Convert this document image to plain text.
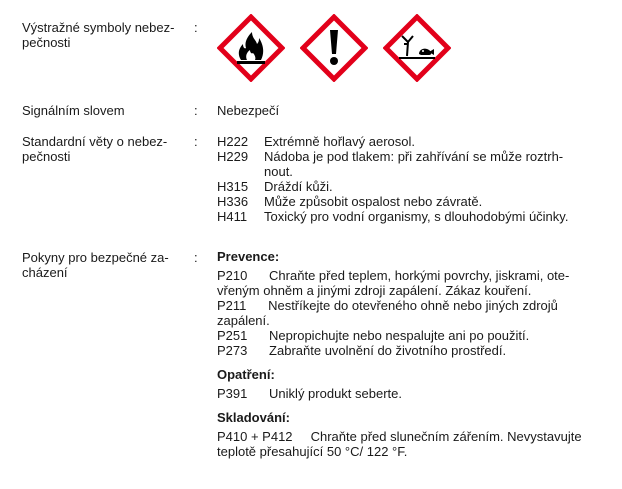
Výstražné symboly nebez-
pečnosti
:
Signálním slovem	: Nebezpečí
Standardní věty o nebez-
pečnosti
: H222 Extrémně hořlavý aerosol.
H229 Nádoba je pod tlakem: při zahřívání se může roztrh-
nout.
H315 Dráždí kůži.
H336 Může způsobit ospalost nebo závratě.
H411 Toxický pro vodní organismy, s dlouhodobými účinky.
Pokyny pro bezpečné za-
cházení
: Prevence:
P210 Chraňte před teplem, horkými povrchy, jiskrami, ote-
vřeným ohněm a jinými zdroji zapálení. Zákaz kouření.
P211 Nestříkejte do otevřeného ohně nebo jiných zdrojů
zapálení.
P251 Nepropichujte nebo nespalujte ani po použití.
P273 Zabraňte uvolnění do životního prostředí.
Opatření:
P391 Uniklý produkt seberte.
Skladování:
P410 + P412 Chraňte před slunečním zářením. Nevystavujte
teplotě přesahující 50 °C/ 122 °F.
